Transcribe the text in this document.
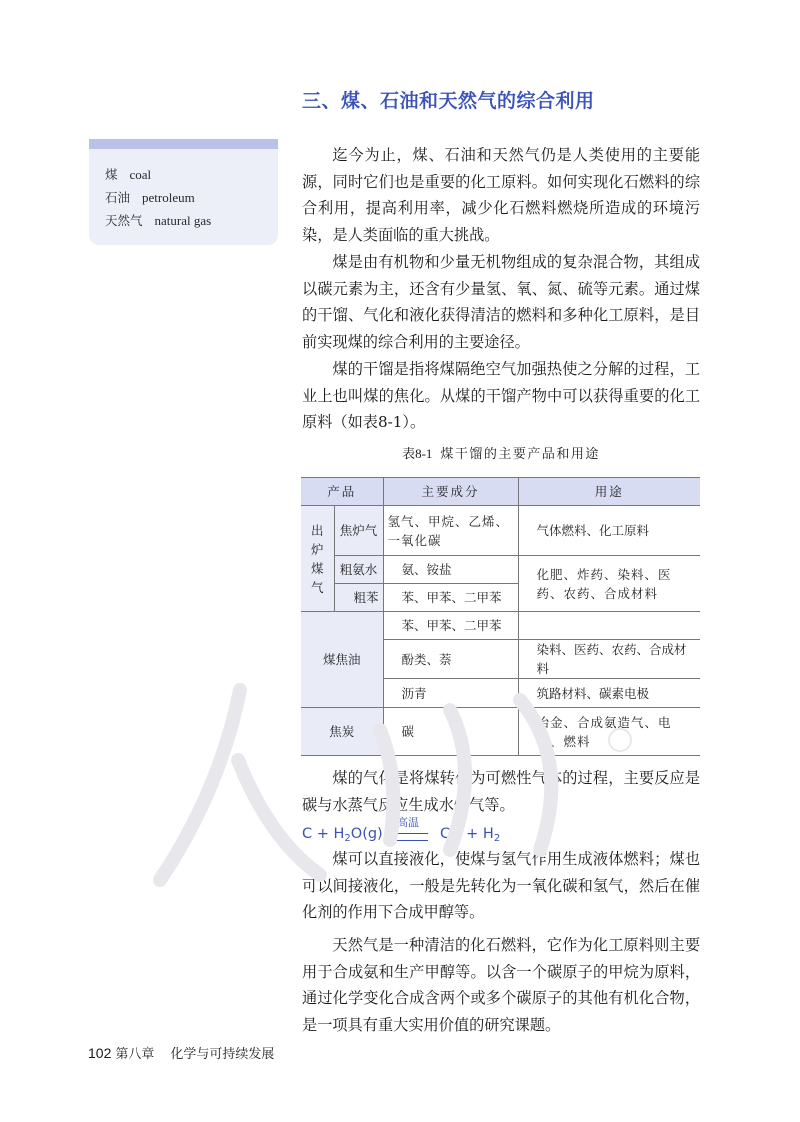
三、煤、石油和天然气的综合利用
煤 coal
石油 petroleum
天然气 natural gas

迄今为止，煤、石油和天然气仍是人类使用的主要能源，同时它们也是重要的化工原料。如何实现化石燃料的综合利用，提高利用率，减少化石燃料燃烧所造成的环境污染，是人类面临的重大挑战。

煤是由有机物和少量无机物组成的复杂混合物，其组成以碳元素为主，还含有少量氢、氧、氮、硫等元素。通过煤的干馏、气化和液化获得清洁的燃料和多种化工原料，是目前实现煤的综合利用的主要途径。

煤的干馏是指将煤隔绝空气加强热使之分解的过程，工业上也叫煤的焦化。从煤的干馏产物中可以获得重要的化工原料（如表8-1）。

表8-1 煤干馏的主要产品和用途
产品		主要成分	用途
出炉煤气	焦炉气	氢气、甲烷、乙烯、一氧化碳	气体燃料、化工原料
	粗氨水	氨、铵盐	化肥、炸药、染料、医药、农药、合成材料
	粗苯	苯、甲苯、二甲苯	
煤焦油		苯、甲苯、二甲苯	
		酚类、萘	染料、医药、农药、合成材料
		沥青	筑路材料、碳素电极
焦炭		碳	冶金、合成氨造气、电石、燃料

煤的气化是将煤转化为可燃性气体的过程，主要反应是碳与水蒸气反应生成水煤气等。

$C + H_2O(g)$
高温
CO + $H_2$

煤可以直接液化，使煤与氢气作用生成液体燃料；煤也可以间接液化，一般是先转化为一氧化碳和氢气，然后在催化剂的作用下合成甲醇等。

天然气是一种清洁的化石燃料，它作为化工原料则主要用于合成氨和生产甲醇等。以含一个碳原子的甲烷为原料，通过化学变化合成含两个或多个碳原子的其他有机化合物，是一项具有重大实用价值的研究课题。

102 第八章 化学与可持续发展
